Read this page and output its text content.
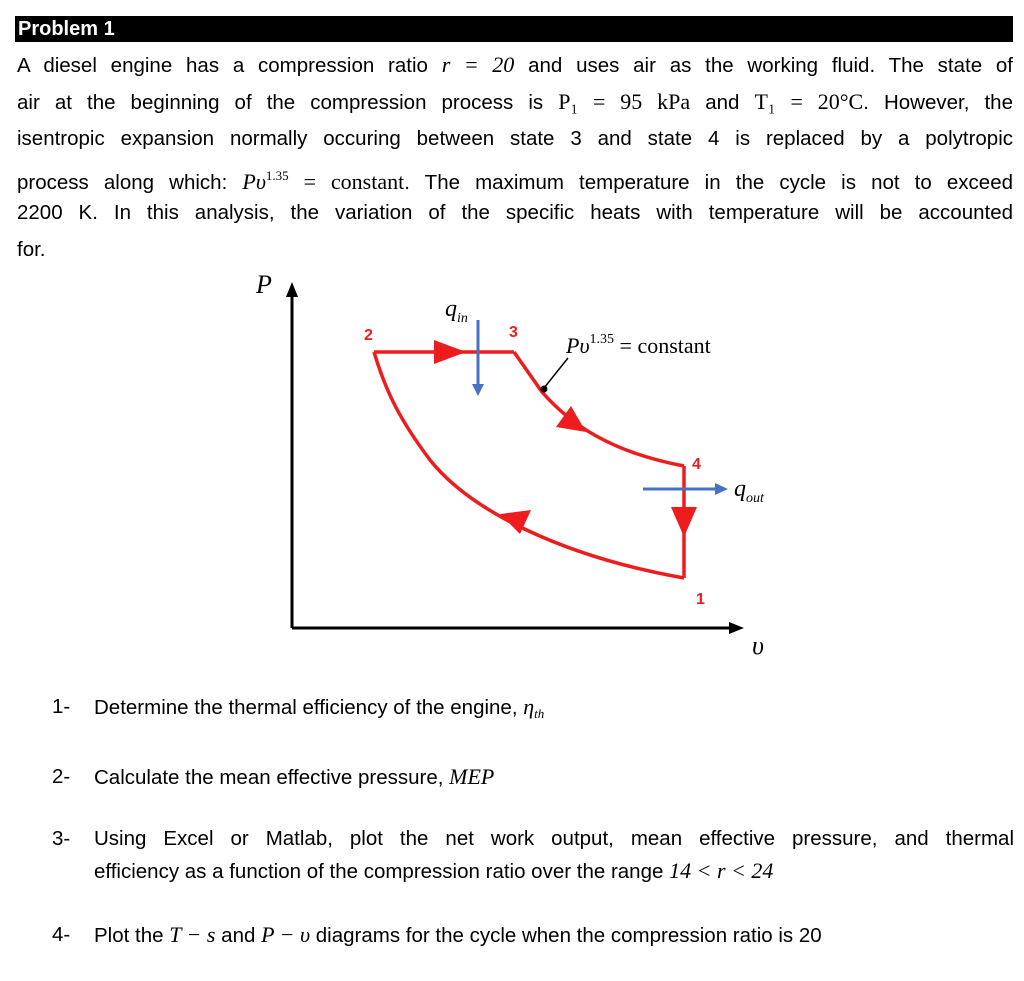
Problem 1
A diesel engine has a compression ratio r = 20 and uses air as the working fluid. The state of
air at the beginning of the compression process is P₁ = 95 kPa and T₁ = 20°C. However, the
isentropic expansion normally occuring between state 3 and state 4 is replaced by a polytropic
process along which: $P\upsilon^{1.35}$ = constant. The maximum temperature in the cycle is not to exceed
2200 K. In this analysis, the variation of the specific heats with temperature will be accounted
for.
P
υ
$q_{in}$
$q_{out}$
2	3
4
1
$P\upsilon^{1.35}$ = constant
1- Determine the thermal efficiency of the engine, $\eta_{th}$
2- Calculate the mean effective pressure, MEP
3- Using Excel or Matlab, plot the net work output, mean effective pressure, and thermal
efficiency as a function of the compression ratio over the range 14 < r < 24
4- Plot the T − s and P − υ diagrams for the cycle when the compression ratio is 20
